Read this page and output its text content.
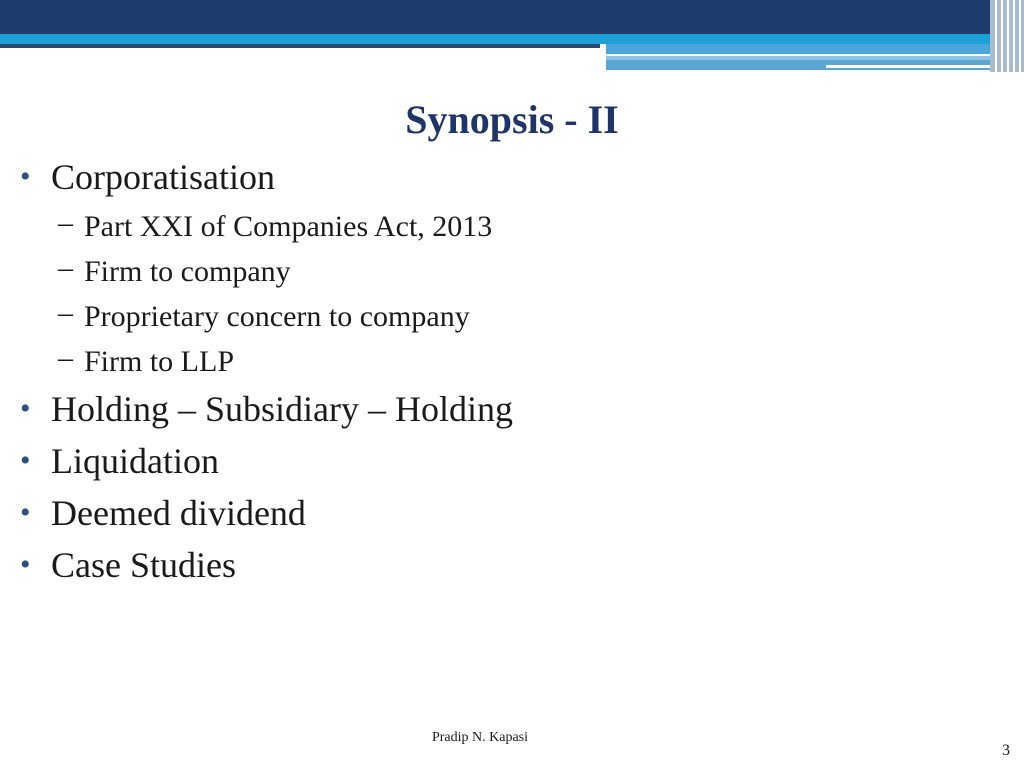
Synopsis - II
• Corporatisation
– Part XXI of Companies Act, 2013
– Firm to company
– Proprietary concern to company
– Firm to LLP
• Holding – Subsidiary – Holding
• Liquidation
• Deemed dividend
• Case Studies
Pradip N. Kapasi
3
